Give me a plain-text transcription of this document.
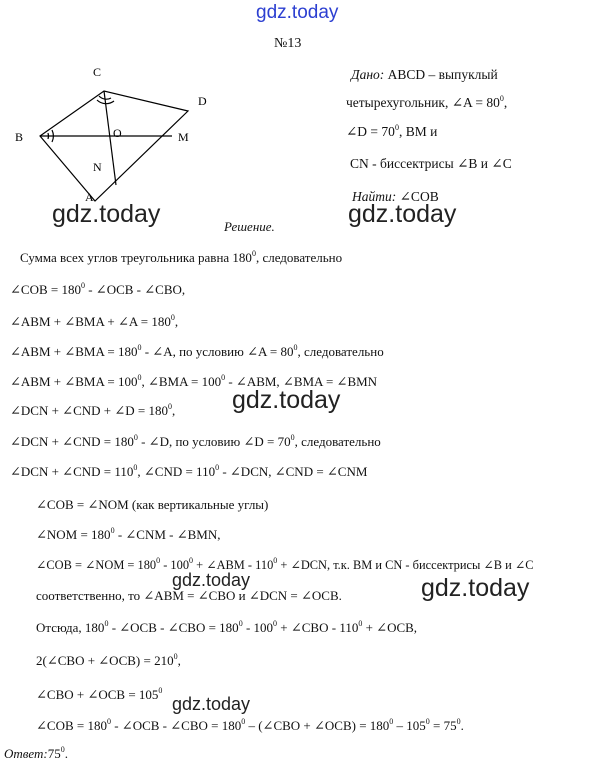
gdz.today
gdz.today	gdz.today
gdz.today
gdz.today	gdz.today
gdz.today
№13
C
D
B	O	M
N
A
Дано: ABCD – выпуклый
четырехугольник, ∠A = $80^0$,
∠D = $70^0$, BM и
CN - биссектрисы ∠B и ∠C
Найти: ∠COB
Решение.
Сумма всех углов треугольника равна $180^0$, следовательно
∠COB = $180^0$ - ∠OCB - ∠CBO,
∠ABM + ∠BMA + ∠A = $180^0$,
∠ABM + ∠BMA = $180^0$ - ∠A, по условию ∠A = $80^0$, следовательно
∠ABM + ∠BMA = $100^0$, ∠BMA = $100^0$ - ∠ABM, ∠BMA = ∠BMN
∠DCN + ∠CND + ∠D = $180^0$,
∠DCN + ∠CND = $180^0$ - ∠D, по условию ∠D = $70^0$, следовательно
∠DCN + ∠CND = $110^0$, ∠CND = $110^0$ - ∠DCN, ∠CND = ∠CNM
∠COB = ∠NOM (как вертикальные углы)
∠NOM = $180^0$ - ∠CNM - ∠BMN,
∠COB = ∠NOM = $180^0 - 100^0$ + ∠ABM - $110^0$ + ∠DCN, т.к. BM и CN - биссектрисы ∠B и ∠C
соответственно, то ∠ABM = ∠CBO и ∠DCN = ∠OCB.
Отсюда, $180^0$ - ∠OCB - ∠CBO = $180^0 - 100^0$ + ∠CBO - $110^0$ + ∠OCB,
2(∠CBO + ∠OCB) = $210^0$,
∠CBO + ∠OCB = $105^0$
∠COB = $180^0$ - ∠OCB - ∠CBO = $180^0$ – (∠CBO + ∠OCB) = $180^0 - 105^0 = 75^0$.
$Ответ:75^0$.
